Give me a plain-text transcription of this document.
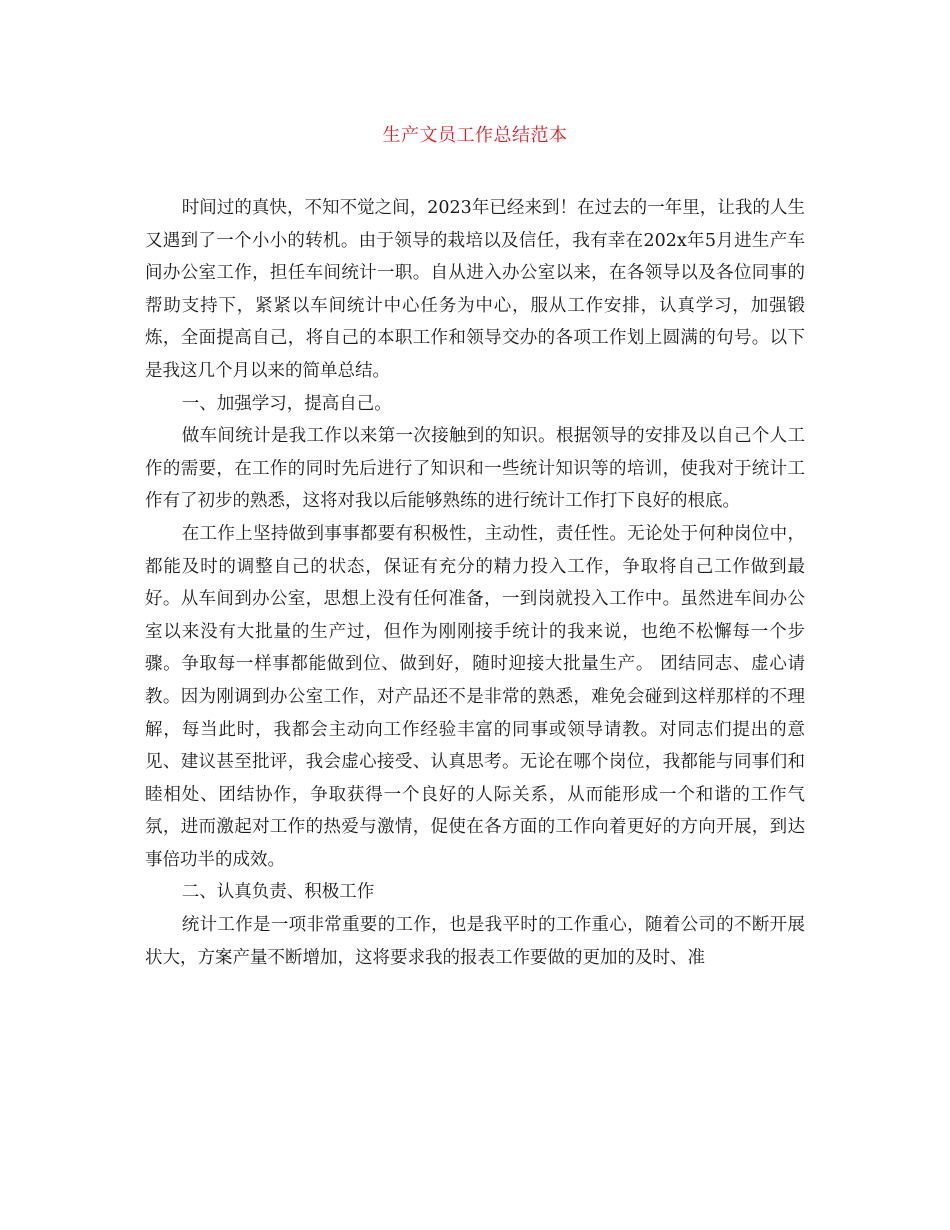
生产文员工作总结范本

时间过的真快，不知不觉之间，2023年已经来到！在过去的一年里，让我的人生又遇到了一个小小的转机。由于领导的栽培以及信任，我有幸在202x年5月进生产车间办公室工作，担任车间统计一职。自从进入办公室以来，在各领导以及各位同事的帮助支持下，紧紧以车间统计中心任务为中心，服从工作安排，认真学习，加强锻炼，全面提高自己，将自己的本职工作和领导交办的各项工作划上圆满的句号。以下是我这几个月以来的简单总结。

一、加强学习，提高自己。

做车间统计是我工作以来第一次接触到的知识。根据领导的安排及以自己个人工作的需要，在工作的同时先后进行了知识和一些统计知识等的培训，使我对于统计工作有了初步的熟悉，这将对我以后能够熟练的进行统计工作打下良好的根底。

在工作上坚持做到事事都要有积极性，主动性，责任性。无论处于何种岗位中，都能及时的调整自己的状态，保证有充分的精力投入工作，争取将自己工作做到最好。从车间到办公室，思想上没有任何准备，一到岗就投入工作中。虽然进车间办公室以来没有大批量的生产过，但作为刚刚接手统计的我来说，也绝不松懈每一个步骤。争取每一样事都能做到位、做到好，随时迎接大批量生产。 团结同志、虚心请教。因为刚调到办公室工作，对产品还不是非常的熟悉，难免会碰到这样那样的不理解，每当此时，我都会主动向工作经验丰富的同事或领导请教。对同志们提出的意见、建议甚至批评，我会虚心接受、认真思考。无论在哪个岗位，我都能与同事们和睦相处、团结协作，争取获得一个良好的人际关系，从而能形成一个和谐的工作气氛，进而激起对工作的热爱与激情，促使在各方面的工作向着更好的方向开展，到达事倍功半的成效。

二、认真负责、积极工作

统计工作是一项非常重要的工作，也是我平时的工作重心，随着公司的不断开展状大，方案产量不断增加，这将要求我的报表工作要做的更加的及时、准
